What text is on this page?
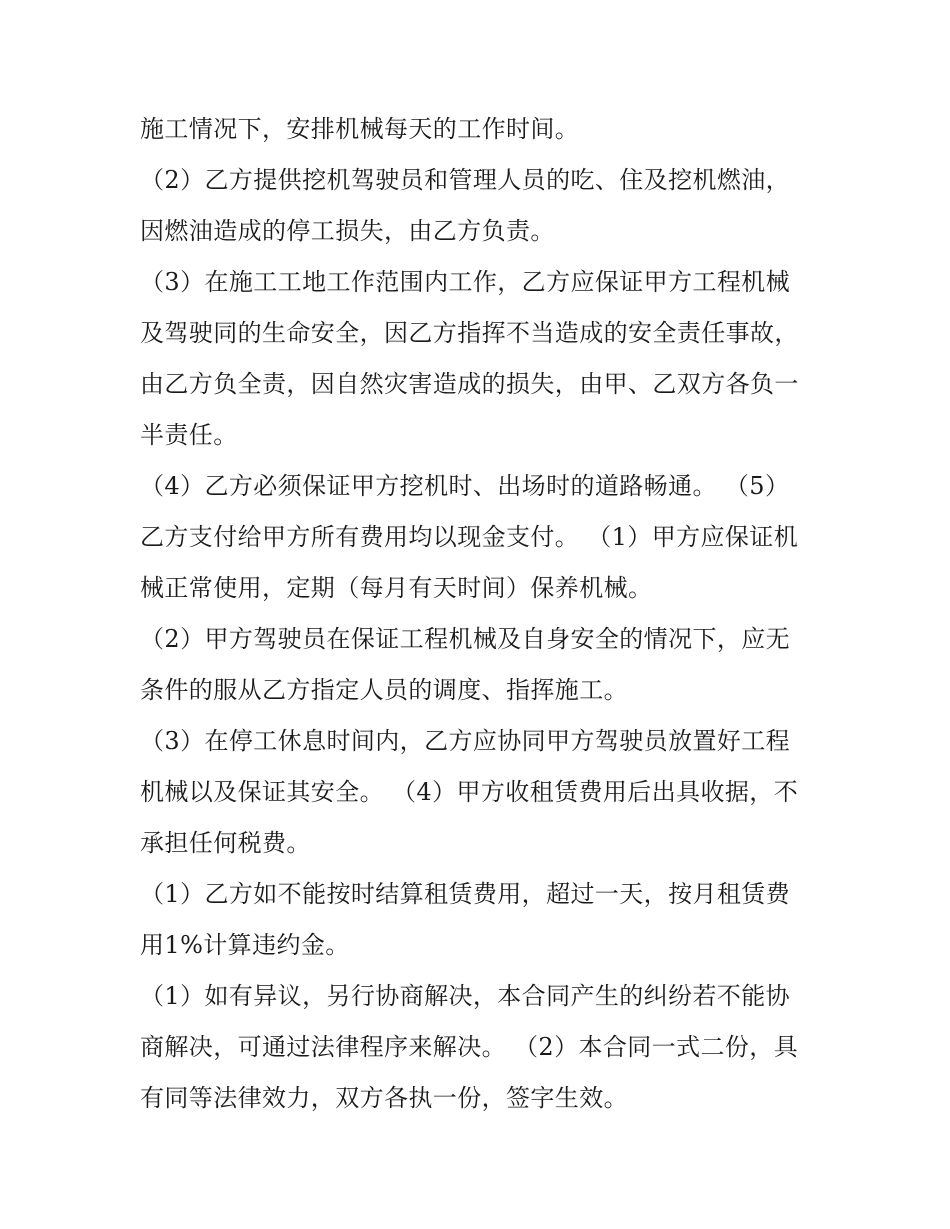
施工情况下，安排机械每天的工作时间。
（2）乙方提供挖机驾驶员和管理人员的吃、住及挖机燃油，
因燃油造成的停工损失，由乙方负责。
（3）在施工工地工作范围内工作，乙方应保证甲方工程机械
及驾驶同的生命安全，因乙方指挥不当造成的安全责任事故，
由乙方负全责，因自然灾害造成的损失，由甲、乙双方各负一
半责任。
（4）乙方必须保证甲方挖机时、出场时的道路畅通。 （5）
乙方支付给甲方所有费用均以现金支付。 （1）甲方应保证机
械正常使用，定期（每月有天时间）保养机械。
（2）甲方驾驶员在保证工程机械及自身安全的情况下，应无
条件的服从乙方指定人员的调度、指挥施工。
（3）在停工休息时间内，乙方应协同甲方驾驶员放置好工程
机械以及保证其安全。 （4）甲方收租赁费用后出具收据，不
承担任何税费。
（1）乙方如不能按时结算租赁费用，超过一天，按月租赁费
用1%计算违约金。
（1）如有异议，另行协商解决，本合同产生的纠纷若不能协
商解决，可通过法律程序来解决。 （2）本合同一式二份，具
有同等法律效力，双方各执一份，签字生效。
